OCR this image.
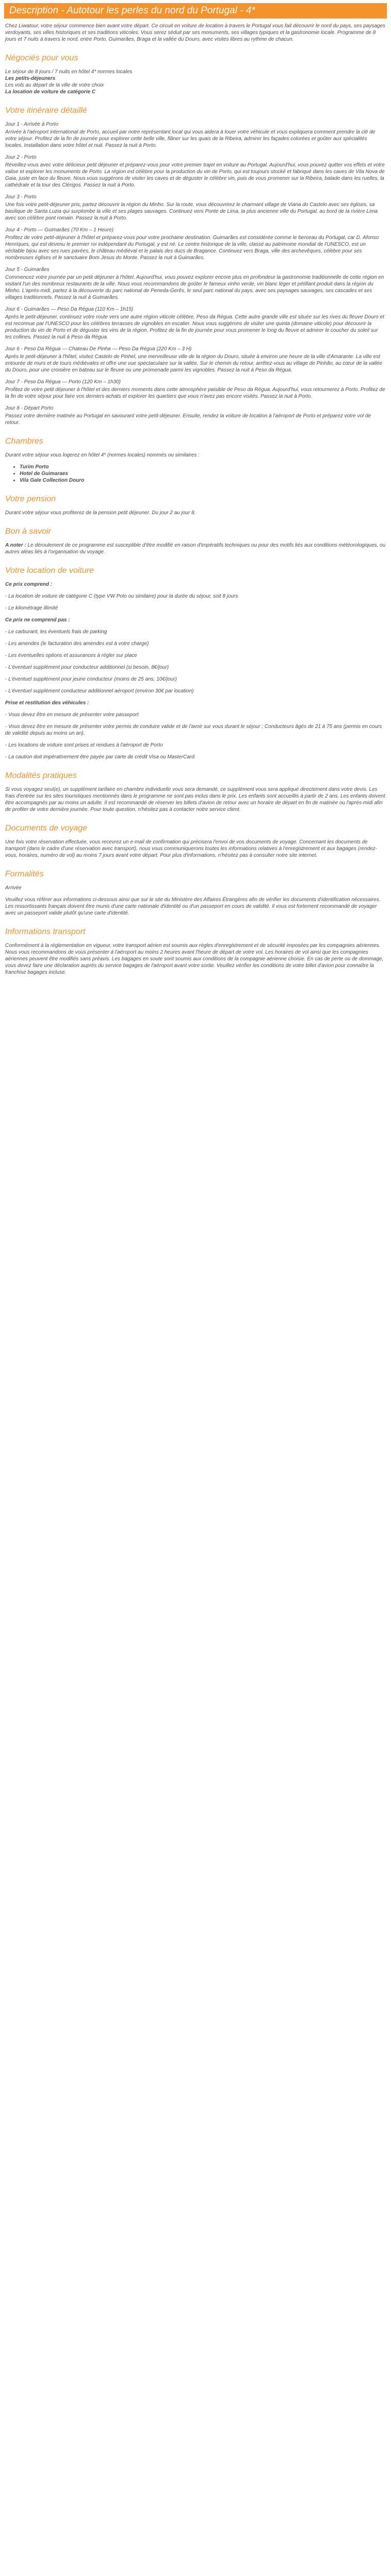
Description - Autotour les perles du nord du Portugal - 4*

Chez Liwatour, votre séjour commence bien avant votre départ. Ce circuit en voiture de location à travers le Portugal vous fait découvrir le nord du pays, ses paysages verdoyants, ses villes historiques et ses traditions viticoles. Vous serez séduit par ses monuments, ses villages typiques et la gastronomie locale. Programme de 8 jours et 7 nuits à travers le nord, entre Porto, Guimarães, Braga et la vallée du Douro, avec visites libres au rythme de chacun.

Négociés pour vous

Le séjour de 8 jours / 7 nuits en hôtel 4* normes locales
Les petits-déjeuners
Les vols au départ de la ville de votre choix
La location de voiture de catégorie C

Votre itinéraire détaillé
Jour 1 - Arrivée à Porto

Arrivée à l'aéroport international de Porto, accueil par notre représentant local qui vous aidera à louer votre véhicule et vous expliquera comment prendre la clé de votre séjour. Profitez de la fin de journée pour explorer cette belle ville, flâner sur les quais de la Ribeira, admirer les façades colorées et goûter aux spécialités locales. Installation dans votre hôtel et nuit. Passez la nuit à Porto.

Jour 2 - Porto

Réveillez-vous avec votre délicieux petit déjeuner et préparez-vous pour votre premier trajet en voiture au Portugal. Aujourd'hui, vous pouvez quitter vos effets et votre valise et explorer les monuments de Porto. La région est célèbre pour la production du vin de Porto, qui est toujours stocké et fabriqué dans les caves de Vila Nova de Gaia, juste en face du fleuve. Nous vous suggérons de visiter les caves et de déguster le célèbre vin, puis de vous promener sur la Ribeira, balade dans les ruelles, la cathédrale et la tour des Clérigos. Passez la nuit à Porto.

Jour 3 - Porto

Une fois votre petit-déjeuner pris, partez découvrir la région du Minho. Sur la route, vous découvrirez le charmant village de Viana do Castelo avec ses églises, sa basilique de Santa Luzia qui surplombe la ville et ses plages sauvages. Continuez vers Ponte de Lima, la plus ancienne ville du Portugal, au bord de la rivière Lima avec son célèbre pont romain. Passez la nuit à Porto.

Jour 4 - Porto — Guimarães (70 Km – 1 Heure)

Profitez de votre petit-déjeuner à l'hôtel et préparez-vous pour votre prochaine destination. Guimarães est considérée comme le berceau du Portugal, car D. Afonso Henriques, qui est devenu le premier roi indépendant du Portugal, y est né. Le centre historique de la ville, classé au patrimoine mondial de l'UNESCO, est un véritable bijou avec ses rues pavées, le château médiéval et le palais des ducs de Bragance. Continuez vers Braga, ville des archevêques, célèbre pour ses nombreuses églises et le sanctuaire Bom Jesus do Monte. Passez la nuit à Guimarães.

Jour 5 - Guimarães

Commencez votre journée par un petit déjeuner à l'hôtel. Aujourd'hui, vous pouvez explorer encore plus en profondeur la gastronomie traditionnelle de cette région en visitant l'un des nombreux restaurants de la ville. Nous vous recommandons de goûter le fameux vinho verde, vin blanc léger et pétillant produit dans la région du Minho. L'après-midi, partez à la découverte du parc national de Peneda-Gerês, le seul parc national du pays, avec ses paysages sauvages, ses cascades et ses villages traditionnels. Passez la nuit à Guimarães.

Jour 6 - Guimarães — Peso Da Régua (110 Km – 1h15)

Après le petit-déjeuner, continuez votre route vers une autre région viticole célèbre, Peso da Régua. Cette autre grande ville est située sur les rives du fleuve Douro et est reconnue par l'UNESCO pour les célèbres terrasses de vignobles en escalier. Nous vous suggérons de visiter une quinta (domaine viticole) pour découvrir la production du vin de Porto et de déguster les vins de la région. Profitez de la fin de journée pour vous promener le long du fleuve et admirer le coucher du soleil sur les collines. Passez la nuit à Peso da Régua.

Jour 6 - Peso Da Régua — Chateau De Pinha — Peso Da Régua (220 Km – 3 H)

Après le petit-déjeuner à l'hôtel, visitez Castelo de Pinhel, une merveilleuse ville de la région du Douro, située à environ une heure de la ville d'Amarante. La ville est entourée de murs et de tours médiévales et offre une vue spectaculaire sur la vallée. Sur le chemin du retour, arrêtez-vous au village de Pinhão, au cœur de la vallée du Douro, pour une croisière en bateau sur le fleuve ou une promenade parmi les vignobles. Passez la nuit à Peso da Régua.

Jour 7 - Peso Da Régua — Porto (120 Km – 1h30)

Profitez de votre petit déjeuner à l'hôtel et des derniers moments dans cette atmosphère paisible de Peso da Régua. Aujourd'hui, vous retournerez à Porto. Profitez de la fin de votre séjour pour faire vos derniers achats et explorer les quartiers que vous n'avez pas encore visités. Passez la nuit à Porto.

Jour 8 - Départ Porto

Passez votre dernière matinée au Portugal en savourant votre petit-déjeuner. Ensuite, rendez la voiture de location à l'aéroport de Porto et préparez votre vol de retour.

Chambres

Durant votre séjour vous logerez en hôtel 4* (normes locales) nommés ou similaires :

• Turim Porto
• Hotel de Guimaraes
• Vila Gale Collection Douro
Votre pension

Durant votre séjour vous profiterez de la pension petit déjeuner. Du jour 2 au jour 8.

Bon à savoir

A noter : Le déroulement de ce programme est susceptible d'être modifié en raison d'impératifs techniques ou pour des motifs liés aux conditions météorologiques, ou autres aléas liés à l'organisation du voyage.

Votre location de voiture

Ce prix comprend :

- La location de voiture de catégorie C (type VW Polo ou similaire) pour la durée du séjour, soit 8 jours

- Le kilométrage illimité

Ce prix ne comprend pas :

- Le carburant, les éventuels frais de parking

- Les amendes (le facturation des amendes est à votre charge)

- Les éventuelles options et assurances à régler sur place

- L'éventuel supplément pour conducteur additionnel (si besoin, 8€/jour)

- L'éventuel supplément pour jeune conducteur (moins de 25 ans, 10€/jour)

- L'éventuel supplément conducteur additionnel aéroport (environ 30€ par location)

Prise et restitution des véhicules :

- Vous devez être en mesure de présenter votre passeport

- Vous devez être en mesure de présenter votre permis de conduire valide et de l'avoir sur vous durant le séjour ; Conducteurs âgés de 21 à 75 ans (permis en cours de validité depuis au moins un an).

- Les locations de voiture sont prises et rendues à l'aéroport de Porto

- La caution doit impérativement être payée par carte de crédit Visa ou MasterCard.

Modalités pratiques

Si vous voyagez seul(e), un supplément tarifaire en chambre individuelle vous sera demandé, ce supplément vous sera appliqué directement dans votre devis. Les frais d'entrée sur les sites touristiques mentionnés dans le programme ne sont pas inclus dans le prix. Les enfants sont accueillis à partir de 2 ans. Les enfants doivent être accompagnés par au moins un adulte. Il est recommandé de réserver les billets d'avion de retour avec un horaire de départ en fin de matinée ou l'après-midi afin de profiter de votre dernière journée. Pour toute question, n'hésitez pas à contacter notre service client.

Documents de voyage

Une fois votre réservation effectuée, vous recevrez un e-mail de confirmation qui précisera l'envoi de vos documents de voyage. Concernant les documents de transport (dans le cadre d'une réservation avec transport), nous vous communiquerons toutes les informations relatives à l'enregistrement et aux bagages (rendez-vous, horaires, numéro de vol) au moins 7 jours avant votre départ. Pour plus d'informations, n'hésitez pas à consulter notre site internet.

Formalités

Arrivée

Veuillez vous référer aux informations ci-dessous ainsi que sur le site du Ministère des Affaires Étrangères afin de vérifier les documents d'identification nécessaires. Les ressortissants français doivent être munis d'une carte nationale d'identité ou d'un passeport en cours de validité. Il vous est fortement recommandé de voyager avec un passeport valide plutôt qu'une carte d'identité.

Informations transport

Conformément à la réglementation en vigueur, votre transport aérien est soumis aux règles d'enregistrement et de sécurité imposées par les compagnies aériennes. Nous vous recommandons de vous présenter à l'aéroport au moins 2 heures avant l'heure de départ de votre vol. Les horaires de vol ainsi que les compagnies aériennes peuvent être modifiés sans préavis. Les bagages en soute sont soumis aux conditions de la compagnie aérienne choisie. En cas de perte ou de dommage, vous devez faire une déclaration auprès du service bagages de l'aéroport avant votre sortie. Veuillez vérifier les conditions de votre billet d'avion pour connaître la franchise bagages incluse.
